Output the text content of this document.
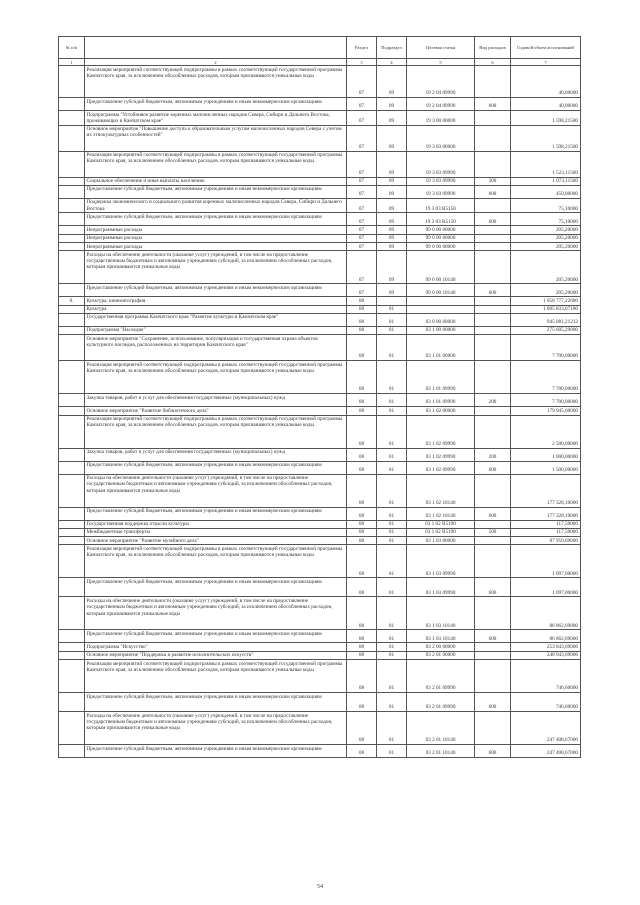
№ п/п		Раздел	Подраздел	Целевая статья	Вид расходов	Годовой объем ассигнований
1	2	3	4	5	6	7
	Реализация мероприятий соответствующей подпрограммы в рамках соответствующей государственной программы Камчатского края, за исключением обособленных расходов, которым присваиваются уникальные коды	07	09	19 2 04 09990		40,00000
	Предоставление субсидий бюджетным, автономным учреждениям и иным некоммерческим организациям	07	09	19 2 04 09990	600	40,00000
	Подпрограмма "Устойчивое развитие коренных малочисленных народов Севера, Сибири и Дальнего Востока, проживающих в Камчатском крае"	07	09	19 3 00 00000		1 598,21500
	Основное мероприятие "Повышение доступа к образовательным услугам малочисленных народов Севера с учетом их этнокультурных особенностей"	07	09	19 3 03 00000		1 598,21500
	Реализация мероприятий соответствующей подпрограммы в рамках соответствующей государственной программы Камчатского края, за исключением обособленных расходов, которым присваиваются уникальные коды	07	09	19 3 03 09990		1 523,11500
	Социальное обеспечение и иные выплаты населению	07	09	19 3 03 09990	300	1 073,11500
	Предоставление субсидий бюджетным, автономным учреждениям и иным некоммерческим организациям	07	09	19 3 03 09990	600	450,00000
	Поддержка экономического и социального развития коренных малочисленных народов Севера, Сибири и Дальнего Востока	07	09	19 3 03 R5150		75,10000
	Предоставление субсидий бюджетным, автономным учреждениям и иным некоммерческим организациям	07	09	19 3 03 R5150	600	75,10000
	Непрограммные расходы	07	09	99 0 00 00000		205,20000
	Непрограммные расходы	07	09	99 0 00 00000		205,20000
	Непрограммные расходы	07	09	99 0 00 00000		205,20000
	Расходы на обеспечение деятельности (оказание услуг) учреждений, в том числе на предоставление государственным бюджетным и автономным учреждениям субсидий, за исключением обособленных расходов, которым присваиваются уникальные коды	07	09	99 0 00 10140		205,20000
	Предоставление субсидий бюджетным, автономным учреждениям и иным некоммерческим организациям	07	09	99 0 00 10140	600	205,20000
8.	Культура, кинематография	08				1 058 777,22680
	Культура	08	01			1 005 833,07180
	Государственная программа Камчатского края "Развитие культуры в Камчатском крае"	08	01	03 0 00 00000		945 081,21212
	Подпрограмма "Наследие"	08	01	03 1 00 00000		275 605,29000
	Основное мероприятие "Сохранение, использование, популяризация и государственная охрана объектов культурного наследия, расположенных на территории Камчатского края"	08	01	03 1 01 00000		7 700,00000
	Реализация мероприятий соответствующей подпрограммы в рамках соответствующей государственной программы Камчатского края, за исключением обособленных расходов, которым присваиваются уникальные коды	08	01	03 1 01 09990		7 700,00000
	Закупка товаров, работ и услуг для обеспечения государственных (муниципальных) нужд	08	01	03 1 01 09990	200	7 700,00000
	Основное мероприятие "Развитие библиотечного дела"	08	01	03 1 02 00000		179 945,60000
	Реализация мероприятий соответствующей подпрограммы в рамках соответствующей государственной программы Камчатского края, за исключением обособленных расходов, которым присваиваются уникальные коды	08	01	03 1 02 09990		2 500,00000
	Закупка товаров, работ и услуг для обеспечения государственных (муниципальных) нужд	08	01	03 1 02 09990	200	1 000,00000
	Предоставление субсидий бюджетным, автономным учреждениям и иным некоммерческим организациям	08	01	03 1 02 09990	600	1 500,00000
	Расходы на обеспечение деятельности (оказание услуг) учреждений, в том числе на предоставление государственным бюджетным и автономным учреждениям субсидий, за исключением обособленных расходов, которым присваиваются уникальные коды	08	01	03 1 02 10140		177 328,10000
	Предоставление субсидий бюджетным, автономным учреждениям и иным некоммерческим организациям	08	01	03 1 02 10140	600	177 328,10000
	Государственная поддержка отрасли культуры	08	01	03 1 02 R5190		117,50000
	Межбюджетные трансферты	08	01	03 1 02 R5190	500	117,50000
	Основное мероприятие "Развитие музейного дела"	08	01	03 1 03 00000		87 959,69000
	Реализация мероприятий соответствующей подпрограммы в рамках соответствующей государственной программы Камчатского края, за исключением обособленных расходов, которым присваиваются уникальные коды	08	01	03 1 03 09990		1 097,00000
	Предоставление субсидий бюджетным, автономным учреждениям и иным некоммерческим организациям	08	01	03 1 03 09990	600	1 097,00000
	Расходы на обеспечение деятельности (оказание услуг) учреждений, в том числе на предоставление государственным бюджетным и автономным учреждениям субсидий, за исключением обособленных расходов, которым присваиваются уникальные коды	08	01	03 1 03 10140		86 862,69000
	Предоставление субсидий бюджетным, автономным учреждениям и иным некоммерческим организациям	08	01	03 1 03 10140	600	86 862,69000
	Подпрограмма "Искусство"	08	01	03 2 00 00000		253 843,69006
	Основное мероприятие "Поддержка и развитие исполнительских искусств"	08	01	03 2 01 00000		248 943,69006
	Реализация мероприятий соответствующей подпрограммы в рамках соответствующей государственной программы Камчатского края, за исключением обособленных расходов, которым присваиваются уникальные коды	08	01	03 2 01 09990		746,60000
	Предоставление субсидий бюджетным, автономным учреждениям и иным некоммерческим организациям	08	01	03 2 01 09990	600	746,60000
	Расходы на обеспечение деятельности (оказание услуг) учреждений, в том числе на предоставление государственным бюджетным и автономным учреждениям субсидий, за исключением обособленных расходов, которым присваиваются уникальные коды	08	01	03 2 01 10140		247 408,67000
	Предоставление субсидий бюджетным, автономным учреждениям и иным некоммерческим организациям	08	01	03 2 01 10140	600	247 408,67000
54
